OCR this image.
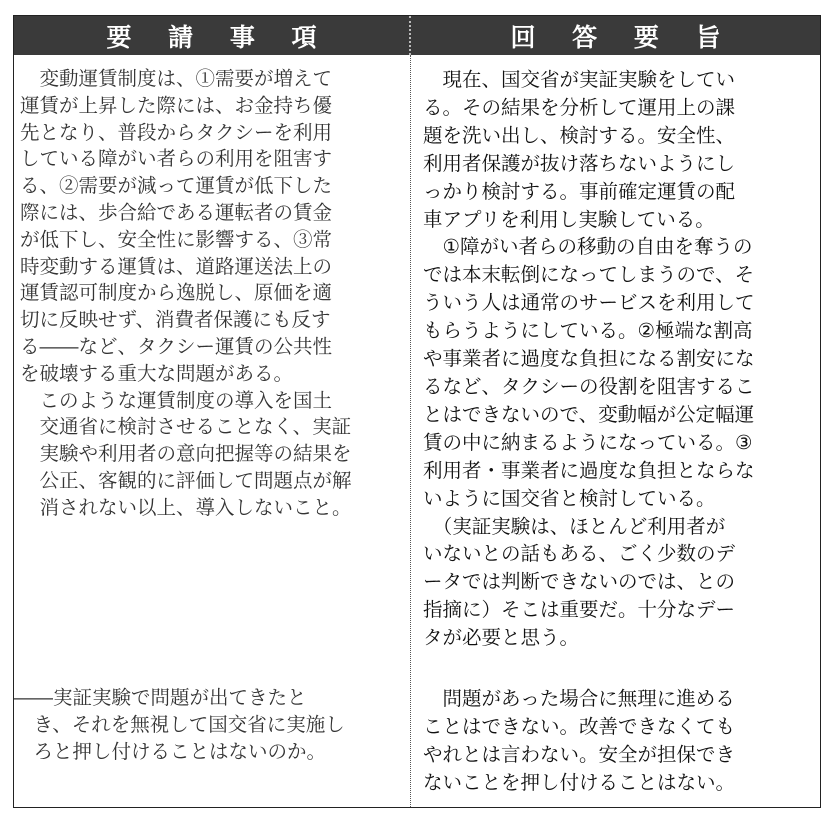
要 請 事 項	回 答 要 旨
　変動運賃制度は、①需要が増えて
運賃が上昇した際には、お金持ち優
先となり、普段からタクシーを利用
している障がい者らの利用を阻害す
る、②需要が減って運賃が低下した
際には、歩合給である運転者の賃金
が低下し、安全性に影響する、③常
時変動する運賃は、道路運送法上の
運賃認可制度から逸脱し、原価を適
切に反映せず、消費者保護にも反す
る――など、タクシー運賃の公共性
を破壊する重大な問題がある。
　このような運賃制度の導入を国土
　交通省に検討させることなく、実証
　実験や利用者の意向把握等の結果を
　公正、客観的に評価して問題点が解
　消されない以上、導入しないこと。
――実証実験で問題が出てきたと
　き、それを無視して国交省に実施し
　ろと押し付けることはないのか。
　現在、国交省が実証実験をしてい
る。その結果を分析して運用上の課
題を洗い出し、検討する。安全性、
利用者保護が抜け落ちないようにし
っかり検討する。事前確定運賃の配
車アプリを利用し実験している。
　①障がい者らの移動の自由を奪うの
では本末転倒になってしまうので、そ
ういう人は通常のサービスを利用して
もらうようにしている。②極端な割高
や事業者に過度な負担になる割安にな
るなど、タクシーの役割を阻害するこ
とはできないので、変動幅が公定幅運
賃の中に納まるようになっている。③
利用者・事業者に過度な負担とならな
いように国交省と検討している。
　（実証実験は、ほとんど利用者が
いないとの話もある、ごく少数のデ
ータでは判断できないのでは、との
指摘に）そこは重要だ。十分なデー
タが必要と思う。
　問題があった場合に無理に進める
ことはできない。改善できなくても
やれとは言わない。安全が担保でき
ないことを押し付けることはない。
